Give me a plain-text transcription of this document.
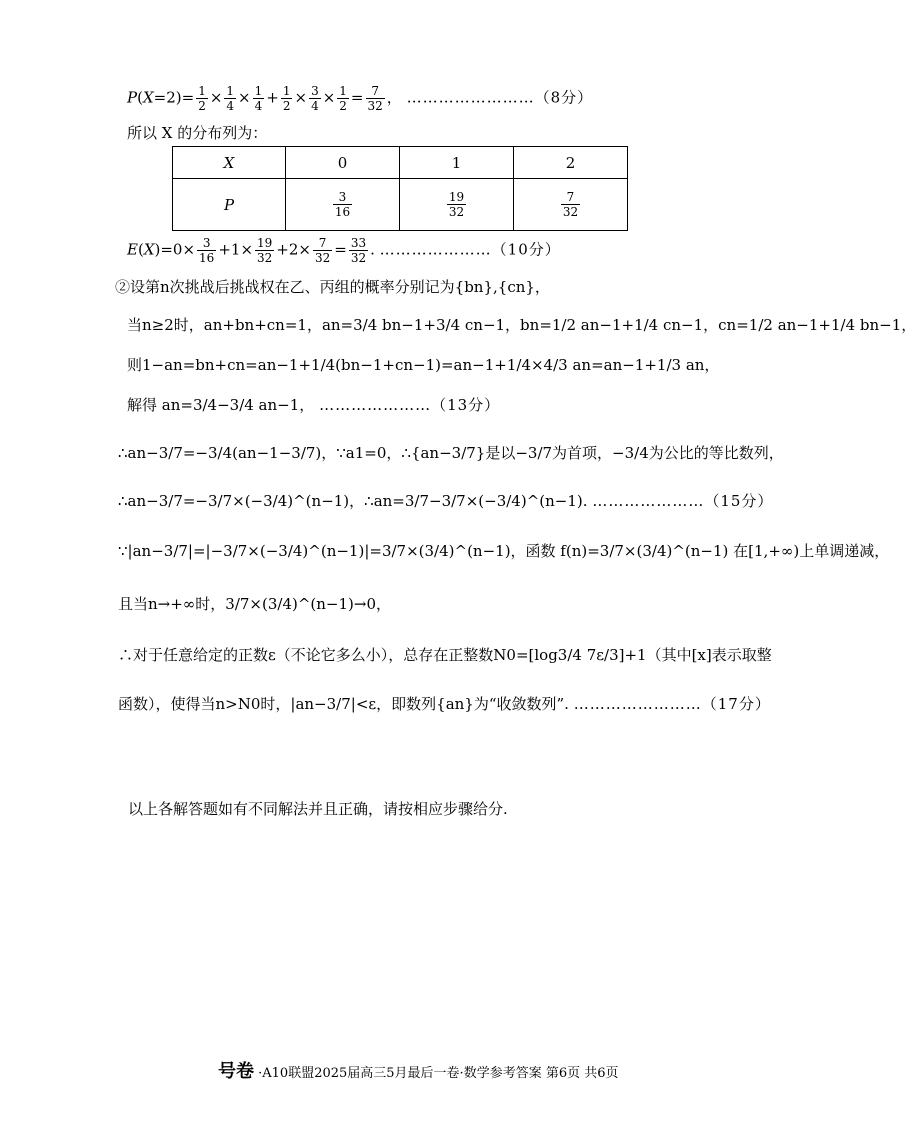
$P(X=2)= \frac{1}{2} \times \frac{1}{4} \times \frac{1}{4} + \frac{1}{2} \times \frac{3}{4} \times \frac{1}{2} = \frac{7}{32}$ ， ……………………（8分）
所以 X 的分布列为：
X	0	1	2
P	$\frac{3}{16}$	$\frac{19}{32}$	$\frac{7}{32}$
$E(X)=0\times \frac{3}{16} +1\times \frac{19}{32} +2\times \frac{7}{32} = \frac{33}{32}$ . …………………（10分）
②设第n次挑战后挑战权在乙、丙组的概率分别记为{bn},{cn}，
当n≥2时，an+bn+cn=1，an=3/4 bn−1+3/4 cn−1，bn=1/2 an−1+1/4 cn−1，cn=1/2 an−1+1/4 bn−1，
则1−an=bn+cn=an−1+1/4(bn−1+cn−1)=an−1+1/4×4/3 an=an−1+1/3 an，
解得 an=3/4−3/4 an−1， …………………（13分）
∴an−3/7=−3/4(an−1−3/7)，∵a1=0，∴{an−3/7}是以−3/7为首项，−3/4为公比的等比数列，
∴an−3/7=−3/7×(−3/4)^(n−1)，∴an=3/7−3/7×(−3/4)^(n−1). …………………（15分）
∵|an−3/7|=|−3/7×(−3/4)^(n−1)|=3/7×(3/4)^(n−1)，函数 f(n)=3/7×(3/4)^(n−1) 在[1,+∞)上单调递减，
且当n→+∞时，3/7×(3/4)^(n−1)→0，
∴对于任意给定的正数ε（不论它多么小），总存在正整数N0=[log3/4 7ε/3]+1（其中[x]表示取整
函数），使得当n>N0时，|an−3/7|<ε，即数列{an}为“收敛数列”. ……………………（17分）
以上各解答题如有不同解法并且正确，请按相应步骤给分.
号卷 ·A10联盟2025届高三5月最后一卷·数学参考答案 第6页 共6页
